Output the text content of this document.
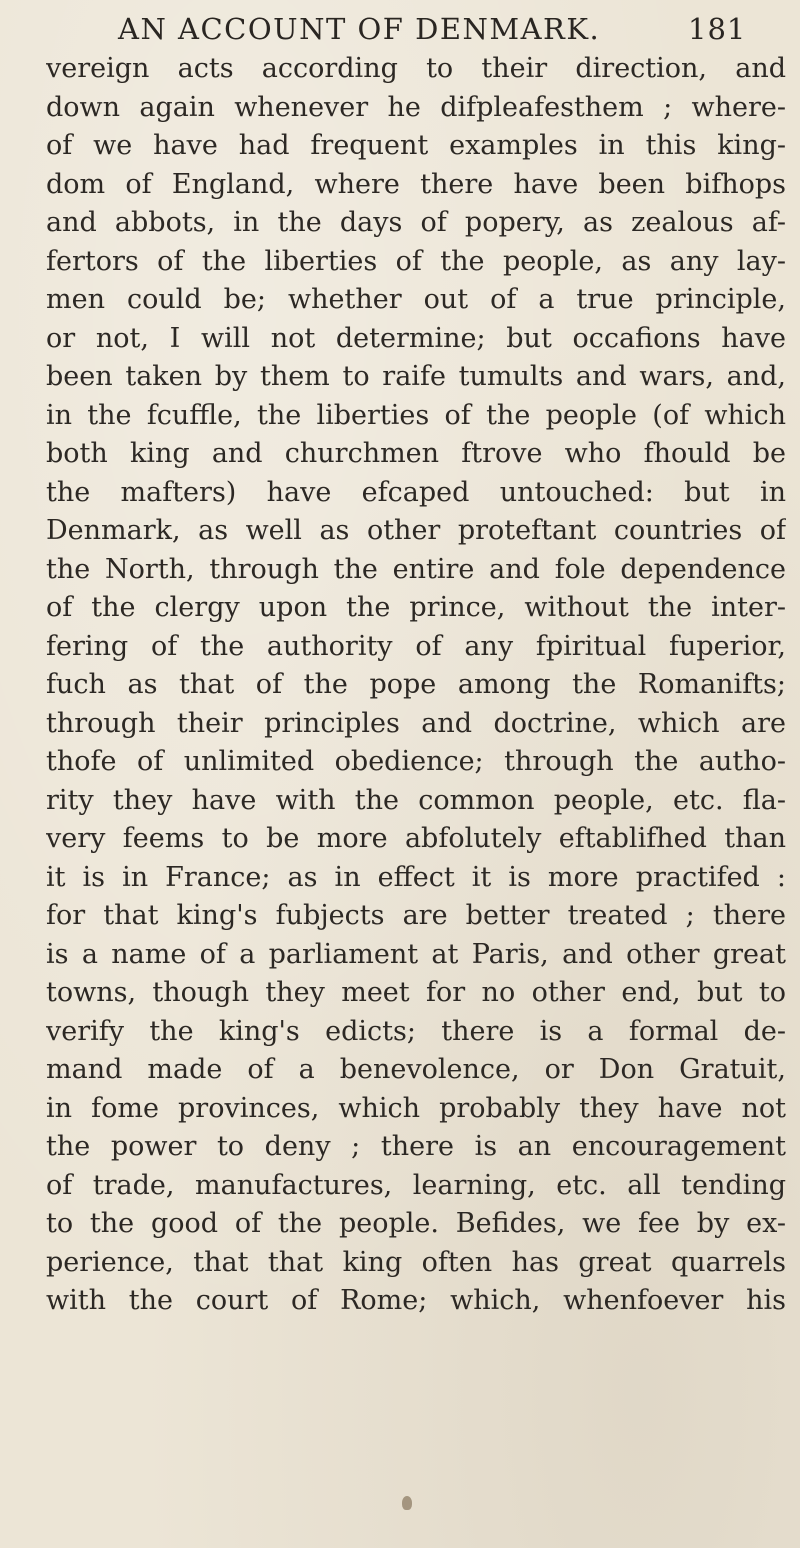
AN ACCOUNT OF DENMARK.	181
vereign acts according to their direction, and
down again whenever he difpleafesthem ; where-
of we have had frequent examples in this king-
dom of England, where there have been bifhops
and abbots, in the days of popery, as zealous af-
fertors of the liberties of the people, as any lay-
men could be; whether out of a true principle,
or not, I will not determine; but occafions have
been taken by them to raife tumults and wars, and,
in the fcuffle, the liberties of the people (of which
both king and churchmen ftrove who fhould be
the mafters) have efcaped untouched: but in
Denmark, as well as other proteftant countries of
the North, through the entire and fole dependence
of the clergy upon the prince, without the inter-
fering of the authority of any fpiritual fuperior,
fuch as that of the pope among the Romanifts;
through their principles and doctrine, which are
thofe of unlimited obedience; through the autho-
rity they have with the common people, etc. fla-
very feems to be more abfolutely eftablifhed than
it is in France; as in effect it is more practifed :
for that king's fubjects are better treated ; there
is a name of a parliament at Paris, and other great
towns, though they meet for no other end, but to
verify the king's edicts; there is a formal de-
mand made of a benevolence, or Don Gratuit,
in fome provinces, which probably they have not
the power to deny ; there is an encouragement
of trade, manufactures, learning, etc. all tending
to the good of the people. Befides, we fee by ex-
perience, that that king often has great quarrels
with the court of Rome; which, whenfoever his
